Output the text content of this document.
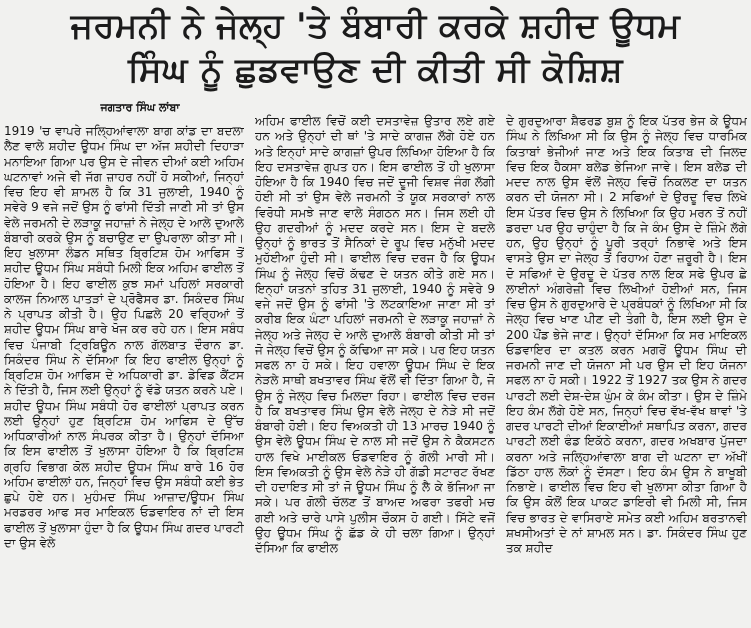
ਜਰਮਨੀ ਨੇ ਜੇਲ੍ਹ 'ਤੇ ਬੰਬਾਰੀ ਕਰਕੇ ਸ਼ਹੀਦ ਊਧਮ
ਸਿੰਘ ਨੂੰ ਛੁਡਵਾਉਣ ਦੀ ਕੀਤੀ ਸੀ ਕੋਸ਼ਿਸ਼
ਜਗਤਾਰ ਸਿੰਘ ਲਾਂਬਾ

1919 'ਚ ਵਾਪਰੇ ਜਲ੍ਹਿਆਂਵਾਲਾ ਬਾਗ ਕਾਂਡ ਦਾ ਬਦਲਾ ਲੈਣ ਵਾਲੇ ਸ਼ਹੀਦ ਊਧਮ ਸਿੰਘ ਦਾ ਅੱਜ ਸ਼ਹੀਦੀ ਦਿਹਾੜਾ ਮਨਾਇਆ ਗਿਆ ਪਰ ਉਸ ਦੇ ਜੀਵਨ ਦੀਆਂ ਕਈ ਅਹਿਮ ਘਟਨਾਵਾਂ ਅਜੇ ਵੀ ਜੱਗ ਜ਼ਾਹਰ ਨਹੀਂ ਹੋ ਸਕੀਆਂ, ਜਿਨ੍ਹਾਂ ਵਿਚ ਇਹ ਵੀ ਸ਼ਾਮਲ ਹੈ ਕਿ 31 ਜੁਲਾਈ, 1940 ਨੂੰ ਸਵੇਰੇ 9 ਵਜੇ ਜਦੋਂ ਉਸ ਨੂੰ ਫਾਂਸੀ ਦਿੱਤੀ ਜਾਣੀ ਸੀ ਤਾਂ ਉਸ ਵੇਲੇ ਜਰਮਨੀ ਦੇ ਲੜਾਕੂ ਜਹਾਜ਼ਾਂ ਨੇ ਜੇਲ੍ਹ ਦੇ ਆਲੇ ਦੁਆਲੇ ਬੰਬਾਰੀ ਕਰਕੇ ਉਸ ਨੂੰ ਬਚਾਉਣ ਦਾ ਉਪਰਾਲਾ ਕੀਤਾ ਸੀ। ਇਹ ਖੁਲਾਸਾ ਲੰਡਨ ਸਥਿਤ ਬ੍ਰਿਟਿਸ਼ ਹੋਮ ਆਫਿਸ ਤੋਂ ਸ਼ਹੀਦ ਊਧਮ ਸਿੰਘ ਸਬੰਧੀ ਮਿਲੀ ਇਕ ਅਹਿਮ ਫਾਈਲ ਤੋਂ ਹੋਇਆ ਹੈ। ਇਹ ਫਾਈਲ ਕੁਝ ਸਮਾਂ ਪਹਿਲਾਂ ਸਰਕਾਰੀ ਕਾਲਜ ਨਿਆਲ ਪਾਤੜਾਂ ਦੇ ਪ੍ਰੋਫੈਸਰ ਡਾ. ਸਿਕੰਦਰ ਸਿੰਘ ਨੇ ਪ੍ਰਾਪਤ ਕੀਤੀ ਹੈ। ਉਹ ਪਿਛਲੇ 20 ਵਰ੍ਹਿਆਂ ਤੋਂ ਸ਼ਹੀਦ ਊਧਮ ਸਿੰਘ ਬਾਰੇ ਖੋਜ ਕਰ ਰਹੇ ਹਨ। ਇਸ ਸਬੰਧ ਵਿਚ ਪੰਜਾਬੀ ਟ੍ਰਿਬਿਊਨ ਨਾਲ ਗੱਲਬਾਤ ਦੌਰਾਨ ਡਾ. ਸਿਕੰਦਰ ਸਿੰਘ ਨੇ ਦੱਸਿਆ ਕਿ ਇਹ ਫਾਈਲ ਉਨ੍ਹਾਂ ਨੂੰ ਬ੍ਰਿਟਿਸ਼ ਹੋਮ ਆਫਿਸ ਦੇ ਅਧਿਕਾਰੀ ਡਾ. ਡੇਵਿਡ ਕੈਂਟਸ ਨੇ ਦਿੱਤੀ ਹੈ, ਜਿਸ ਲਈ ਉਨ੍ਹਾਂ ਨੂੰ ਵੱਡੇ ਯਤਨ ਕਰਨੇ ਪਏ। ਸ਼ਹੀਦ ਊਧਮ ਸਿੰਘ ਸਬੰਧੀ ਹੋਰ ਫਾਈਲਾਂ ਪ੍ਰਾਪਤ ਕਰਨ ਲਈ ਉਨ੍ਹਾਂ ਹੁਣ ਬ੍ਰਿਟਿਸ਼ ਹੋਮ ਆਫਿਸ ਦੇ ਉੱਚ ਅਧਿਕਾਰੀਆਂ ਨਾਲ ਸੰਪਰਕ ਕੀਤਾ ਹੈ। ਉਨ੍ਹਾਂ ਦੱਸਿਆ ਕਿ ਇਸ ਫਾਈਲ ਤੋਂ ਖੁਲਾਸਾ ਹੋਇਆ ਹੈ ਕਿ ਬ੍ਰਿਟਿਸ਼ ਗ੍ਰਹਿ ਵਿਭਾਗ ਕੋਲ ਸ਼ਹੀਦ ਊਧਮ ਸਿੰਘ ਬਾਰੇ 16 ਹੋਰ ਅਹਿਮ ਫਾਈਲਾਂ ਹਨ, ਜਿਨ੍ਹਾਂ ਵਿਚ ਉਸ ਸਬੰਧੀ ਕਈ ਭੇਤ ਛੁਪੇ ਹੋਏ ਹਨ। ਮੁਹੰਮਦ ਸਿੰਘ ਆਜ਼ਾਦ/ਊਧਮ ਸਿੰਘ ਮਰਡਰਰ ਆਫ ਸਰ ਮਾਇਕਲ ਓਡਵਾਇਰ ਨਾਂ ਦੀ ਇਸ ਫਾਈਲ ਤੋਂ ਖੁਲਾਸਾ ਹੁੰਦਾ ਹੈ ਕਿ ਊਧਮ ਸਿੰਘ ਗਦਰ ਪਾਰਟੀ ਦਾ ਉਸ ਵੇਲੇ

ਅਹਿਮ ਫਾਈਲ ਵਿਚੋਂ ਕਈ ਦਸਤਾਵੇਜ਼ ਉਤਾਰ ਲਏ ਗਏ ਹਨ ਅਤੇ ਉਨ੍ਹਾਂ ਦੀ ਥਾਂ 'ਤੇ ਸਾਦੇ ਕਾਗਜ਼ ਲੱਗੇ ਹੋਏ ਹਨ ਅਤੇ ਇਨ੍ਹਾਂ ਸਾਦੇ ਕਾਗਜ਼ਾਂ ਉਪਰ ਲਿਖਿਆ ਹੋਇਆ ਹੈ ਕਿ ਇਹ ਦਸਤਾਵੇਜ਼ ਗੁਪਤ ਹਨ। ਇਸ ਫਾਈਲ ਤੋਂ ਹੀ ਖੁਲਾਸਾ ਹੋਇਆ ਹੈ ਕਿ 1940 ਵਿਚ ਜਦੋਂ ਦੂਜੀ ਵਿਸ਼ਵ ਜੰਗ ਲੱਗੀ ਹੋਈ ਸੀ ਤਾਂ ਉਸ ਵੇਲੇ ਜਰਮਨੀ ਤੇ ਯੂਕ ਸਰਕਾਰਾਂ ਨਾਲ ਵਿਰੋਧੀ ਸਮਝੇ ਜਾਣ ਵਾਲੇ ਸੰਗਠਨ ਸਨ। ਜਿਸ ਲਈ ਹੀ ਉਹ ਗਦਰੀਆਂ ਨੂੰ ਮਦਦ ਕਰਦੇ ਸਨ। ਇਸ ਦੇ ਬਦਲੇ ਉਨ੍ਹਾਂ ਨੂੰ ਭਾਰਤ ਤੋਂ ਸੈਨਿਕਾਂ ਦੇ ਰੂਪ ਵਿਚ ਮਨੁੱਖੀ ਮਦਦ ਮੁਹੱਈਆ ਹੁੰਦੀ ਸੀ। ਫਾਈਲ ਵਿਚ ਦਰਜ ਹੈ ਕਿ ਊਧਮ ਸਿੰਘ ਨੂੰ ਜੇਲ੍ਹ ਵਿਚੋਂ ਕੱਢਣ ਦੇ ਯਤਨ ਕੀਤੇ ਗਏ ਸਨ। ਇਨ੍ਹਾਂ ਯਤਨਾਂ ਤਹਿਤ 31 ਜੁਲਾਈ, 1940 ਨੂੰ ਸਵੇਰੇ 9 ਵਜੇ ਜਦੋਂ ਉਸ ਨੂੰ ਫਾਂਸੀ 'ਤੇ ਲਟਕਾਇਆ ਜਾਣਾ ਸੀ ਤਾਂ ਕਰੀਬ ਇਕ ਘੰਟਾ ਪਹਿਲਾਂ ਜਰਮਨੀ ਦੇ ਲੜਾਕੂ ਜਹਾਜ਼ਾਂ ਨੇ ਜੇਲ੍ਹ ਅਤੇ ਜੇਲ੍ਹ ਦੇ ਆਲੇ ਦੁਆਲੇ ਬੰਬਾਰੀ ਕੀਤੀ ਸੀ ਤਾਂ ਜੋ ਜੇਲ੍ਹ ਵਿਚੋਂ ਉਸ ਨੂੰ ਕੱਢਿਆ ਜਾ ਸਕੇ। ਪਰ ਇਹ ਯਤਨ ਸਫਲ ਨਾ ਹੋ ਸਕੇ। ਇਹ ਹਵਾਲਾ ਊਧਮ ਸਿੰਘ ਦੇ ਇਕ ਨੇੜਲੇ ਸਾਥੀ ਬਖਤਾਵਰ ਸਿੰਘ ਵੱਲੋਂ ਵੀ ਦਿੱਤਾ ਗਿਆ ਹੈ, ਜੋ ਉਸ ਨੂੰ ਜੇਲ੍ਹ ਵਿਚ ਮਿਲਦਾ ਰਿਹਾ। ਫਾਈਲ ਵਿਚ ਦਰਜ ਹੈ ਕਿ ਬਖਤਾਵਰ ਸਿੰਘ ਉਸ ਵੇਲੇ ਜੇਲ੍ਹ ਦੇ ਨੇੜੇ ਸੀ ਜਦੋਂ ਬੰਬਾਰੀ ਹੋਈ। ਇਹ ਵਿਅਕਤੀ ਹੀ 13 ਮਾਰਚ 1940 ਨੂੰ ਉਸ ਵੇਲੇ ਊਧਮ ਸਿੰਘ ਦੇ ਨਾਲ ਸੀ ਜਦੋਂ ਉਸ ਨੇ ਕੈਕਸਟਨ ਹਾਲ ਵਿਖੇ ਮਾਈਕਲ ਓਡਵਾਇਰ ਨੂੰ ਗੋਲੀ ਮਾਰੀ ਸੀ। ਇਸ ਵਿਅਕਤੀ ਨੂੰ ਉਸ ਵੇਲੇ ਨੇੜੇ ਹੀ ਗੱਡੀ ਸਟਾਰਟ ਰੱਖਣ ਦੀ ਹਦਾਇਤ ਸੀ ਤਾਂ ਜੋ ਊਧਮ ਸਿੰਘ ਨੂੰ ਲੈ ਕੇ ਭੱਜਿਆ ਜਾ ਸਕੇ। ਪਰ ਗੋਲੀ ਚੱਲਣ ਤੋਂ ਬਾਅਦ ਅਫਰਾ ਤਫਰੀ ਮਚ ਗਈ ਅਤੇ ਚਾਰੇ ਪਾਸੇ ਪੁਲੀਸ ਚੌਕਸ ਹੋ ਗਈ। ਸਿੱਟੇ ਵਜੋਂ ਉਹ ਊਧਮ ਸਿੰਘ ਨੂੰ ਛੱਡ ਕੇ ਹੀ ਚਲਾ ਗਿਆ। ਉਨ੍ਹਾਂ ਦੱਸਿਆ ਕਿ ਫਾਈਲ

ਦੇ ਗੁਰਦੁਆਰਾ ਸ਼ੈਫਰਡ ਬੁਸ਼ ਨੂੰ ਇਕ ਪੱਤਰ ਭੇਜ ਕੇ ਊਧਮ ਸਿੰਘ ਨੇ ਲਿਖਿਆ ਸੀ ਕਿ ਉਸ ਨੂੰ ਜੇਲ੍ਹ ਵਿਚ ਧਾਰਮਿਕ ਕਿਤਾਬਾਂ ਭੇਜੀਆਂ ਜਾਣ ਅਤੇ ਇਕ ਕਿਤਾਬ ਦੀ ਜਿਲਦ ਵਿਚ ਇਕ ਹੈਕਸਾ ਬਲੇਡ ਭੇਜਿਆ ਜਾਵੇ। ਇਸ ਬਲੇਡ ਦੀ ਮਦਦ ਨਾਲ ਉਸ ਵੱਲੋਂ ਜੇਲ੍ਹ ਵਿਚੋਂ ਨਿਕਲਣ ਦਾ ਯਤਨ ਕਰਨ ਦੀ ਯੋਜਨਾ ਸੀ। 2 ਸਫਿਆਂ ਦੇ ਉਰਦੂ ਵਿਚ ਲਿਖੇ ਇਸ ਪੱਤਰ ਵਿਚ ਉਸ ਨੇ ਲਿਖਿਆ ਕਿ ਉਹ ਮਰਨ ਤੋਂ ਨਹੀਂ ਡਰਦਾ ਪਰ ਉਹ ਚਾਹੁੰਦਾ ਹੈ ਕਿ ਜੇ ਕੰਮ ਉਸ ਦੇ ਜ਼ਿੰਮੇ ਲੱਗੇ ਹਨ, ਉਹ ਉਨ੍ਹਾਂ ਨੂੰ ਪੂਰੀ ਤਰ੍ਹਾਂ ਨਿਭਾਵੇ ਅਤੇ ਇਸ ਵਾਸਤੇ ਉਸ ਦਾ ਜੇਲ੍ਹ ਤੋਂ ਰਿਹਾਅ ਹੋਣਾ ਜ਼ਰੂਰੀ ਹੈ। ਇਸ ਦੋ ਸਫਿਆਂ ਦੇ ਉਰਦੂ ਦੇ ਪੱਤਰ ਨਾਲ ਇਕ ਸਫੇ ਉਪਰ ਛੇ ਲਾਈਨਾਂ ਅੰਗਰੇਜ਼ੀ ਵਿਚ ਲਿਖੀਆਂ ਹੋਈਆਂ ਸਨ, ਜਿਸ ਵਿਚ ਉਸ ਨੇ ਗੁਰਦੁਆਰੇ ਦੇ ਪ੍ਰਬੰਧਕਾਂ ਨੂੰ ਲਿਖਿਆ ਸੀ ਕਿ ਜੇਲ੍ਹ ਵਿਚ ਖਾਣ ਪੀਣ ਦੀ ਤੰਗੀ ਹੈ, ਇਸ ਲਈ ਉਸ ਦੇ 200 ਪੌਂਡ ਭੇਜੇ ਜਾਣ। ਉਨ੍ਹਾਂ ਦੱਸਿਆ ਕਿ ਸਰ ਮਾਇਕਲ ਓਡਵਾਇਰ ਦਾ ਕਤਲ ਕਰਨ ਮਗਰੋਂ ਊਧਮ ਸਿੰਘ ਦੀ ਜਰਮਨੀ ਜਾਣ ਦੀ ਯੋਜਨਾ ਸੀ ਪਰ ਉਸ ਦੀ ਇਹ ਯੋਜਨਾ ਸਫਲ ਨਾ ਹੋ ਸਕੀ। 1922 ਤੋਂ 1927 ਤਕ ਉਸ ਨੇ ਗਦਰ ਪਾਰਟੀ ਲਈ ਦੇਸ਼-ਦੇਸ਼ ਘੁੰਮ ਕੇ ਕੰਮ ਕੀਤਾ। ਉਸ ਦੇ ਜ਼ਿੰਮੇ ਇਹ ਕੰਮ ਲੱਗੇ ਹੋਏ ਸਨ, ਜਿਨ੍ਹਾਂ ਵਿਚ ਵੱਖ-ਵੱਖ ਥਾਵਾਂ 'ਤੇ ਗਦਰ ਪਾਰਟੀ ਦੀਆਂ ਇਕਾਈਆਂ ਸਥਾਪਿਤ ਕਰਨਾ, ਗਦਰ ਪਾਰਟੀ ਲਈ ਫੰਡ ਇਕੱਠੇ ਕਰਨਾ, ਗਦਰ ਅਖਬਾਰ ਪੁੱਜਦਾ ਕਰਨਾ ਅਤੇ ਜਲ੍ਹਿਆਂਵਾਲਾ ਬਾਗ ਦੀ ਘਟਨਾ ਦਾ ਅੱਖੀਂ ਡਿੱਠਾ ਹਾਲ ਲੋਕਾਂ ਨੂੰ ਦੱਸਣਾ। ਇਹ ਕੰਮ ਉਸ ਨੇ ਬਾਖੂਬੀ ਨਿਭਾਏ। ਫਾਈਲ ਵਿਚ ਇਹ ਵੀ ਖੁਲਾਸਾ ਕੀਤਾ ਗਿਆ ਹੈ ਕਿ ਉਸ ਕੋਲੋਂ ਇਕ ਪਾਕਟ ਡਾਇਰੀ ਵੀ ਮਿਲੀ ਸੀ, ਜਿਸ ਵਿਚ ਭਾਰਤ ਦੇ ਵਾਸਿਰਾਏ ਸਮੇਤ ਕਈ ਅਹਿਮ ਬਰਤਾਨਵੀ ਸ਼ਖਸੀਅਤਾਂ ਦੇ ਨਾਂ ਸ਼ਾਮਲ ਸਨ। ਡਾ. ਸਿਕੰਦਰ ਸਿੰਘ ਹੁਣ ਤਕ ਸ਼ਹੀਦ
